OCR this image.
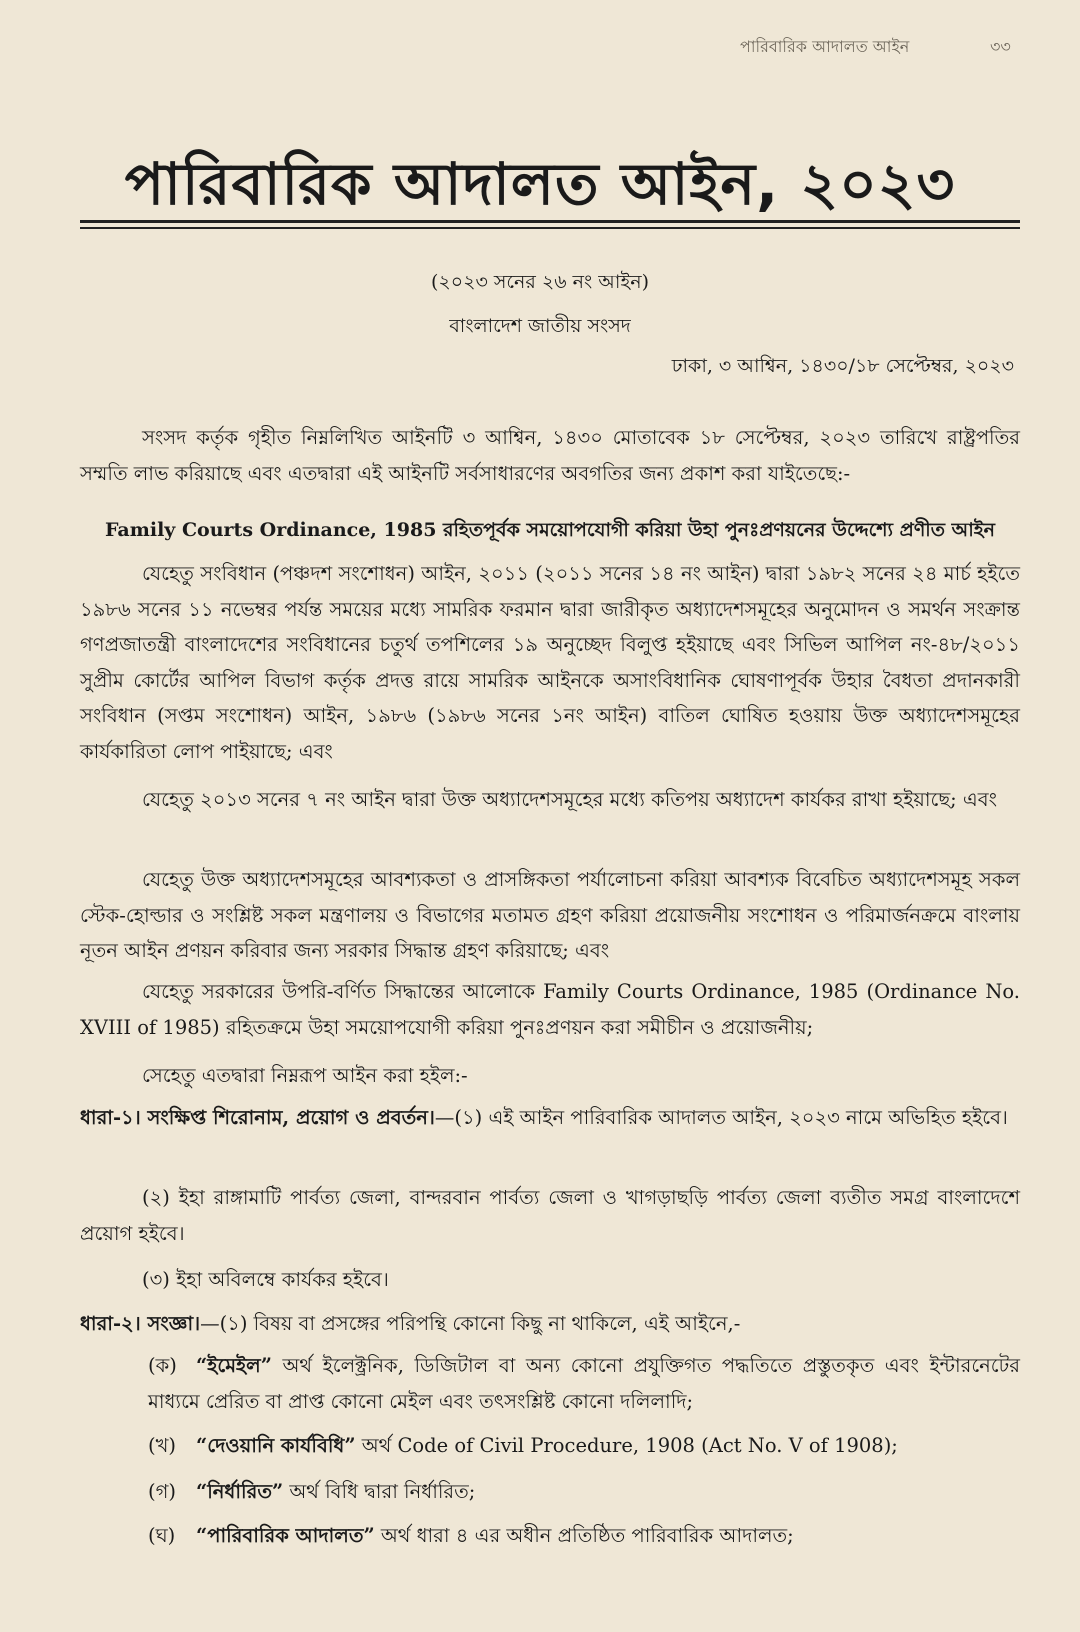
পারিবারিক আদালত আইন	৩৩
পারিবারিক আদালত আইন, ২০২৩
(২০২৩ সনের ২৬ নং আইন)
বাংলাদেশ জাতীয় সংসদ
ঢাকা, ৩ আশ্বিন, ১৪৩০/১৮ সেপ্টেম্বর, ২০২৩
সংসদ কর্তৃক গৃহীত নিম্নলিখিত আইনটি ৩ আশ্বিন, ১৪৩০ মোতাবেক ১৮ সেপ্টেম্বর, ২০২৩ তারিখে রাষ্ট্রপতির সম্মতি লাভ করিয়াছে এবং এতদ্বারা এই আইনটি সর্বসাধারণের অবগতির জন্য প্রকাশ করা যাইতেছে:-
Family Courts Ordinance, 1985 রহিতপূর্বক সময়োপযোগী করিয়া উহা পুনঃপ্রণয়নের উদ্দেশ্যে প্রণীত আইন
যেহেতু সংবিধান (পঞ্চদশ সংশোধন) আইন, ২০১১ (২০১১ সনের ১৪ নং আইন) দ্বারা ১৯৮২ সনের ২৪ মার্চ হইতে ১৯৮৬ সনের ১১ নভেম্বর পর্যন্ত সময়ের মধ্যে সামরিক ফরমান দ্বারা জারীকৃত অধ্যাদেশসমূহের অনুমোদন ও সমর্থন সংক্রান্ত গণপ্রজাতন্ত্রী বাংলাদেশের সংবিধানের চতুর্থ তপশিলের ১৯ অনুচ্ছেদ বিলুপ্ত হইয়াছে এবং সিভিল আপিল নং-৪৮/২০১১ সুপ্রীম কোর্টের আপিল বিভাগ কর্তৃক প্রদত্ত রায়ে সামরিক আইনকে অসাংবিধানিক ঘোষণাপূর্বক উহার বৈধতা প্রদানকারী সংবিধান (সপ্তম সংশোধন) আইন, ১৯৮৬ (১৯৮৬ সনের ১নং আইন) বাতিল ঘোষিত হওয়ায় উক্ত অধ্যাদেশসমূহের কার্যকারিতা লোপ পাইয়াছে; এবং
যেহেতু ২০১৩ সনের ৭ নং আইন দ্বারা উক্ত অধ্যাদেশসমূহের মধ্যে কতিপয় অধ্যাদেশ কার্যকর রাখা হইয়াছে; এবং
যেহেতু উক্ত অধ্যাদেশসমূহের আবশ্যকতা ও প্রাসঙ্গিকতা পর্যালোচনা করিয়া আবশ্যক বিবেচিত অধ্যাদেশসমূহ সকল স্টেক-হোল্ডার ও সংশ্লিষ্ট সকল মন্ত্রণালয় ও বিভাগের মতামত গ্রহণ করিয়া প্রয়োজনীয় সংশোধন ও পরিমার্জনক্রমে বাংলায় নূতন আইন প্রণয়ন করিবার জন্য সরকার সিদ্ধান্ত গ্রহণ করিয়াছে; এবং
যেহেতু সরকারের উপরি-বর্ণিত সিদ্ধান্তের আলোকে Family Courts Ordinance, 1985 (Ordinance No. XVIII of 1985) রহিতক্রমে উহা সময়োপযোগী করিয়া পুনঃপ্রণয়ন করা সমীচীন ও প্রয়োজনীয়;
সেহেতু এতদ্বারা নিম্নরূপ আইন করা হইল:-
ধারা-১। সংক্ষিপ্ত শিরোনাম, প্রয়োগ ও প্রবর্তন।—(১) এই আইন পারিবারিক আদালত আইন, ২০২৩ নামে অভিহিত হইবে।
(২) ইহা রাঙ্গামাটি পার্বত্য জেলা, বান্দরবান পার্বত্য জেলা ও খাগড়াছড়ি পার্বত্য জেলা ব্যতীত সমগ্র বাংলাদেশে প্রয়োগ হইবে।
(৩) ইহা অবিলম্বে কার্যকর হইবে।
ধারা-২। সংজ্ঞা।—(১) বিষয় বা প্রসঙ্গের পরিপন্থি কোনো কিছু না থাকিলে, এই আইনে,-
(ক) “ইমেইল” অর্থ ইলেক্ট্রনিক, ডিজিটাল বা অন্য কোনো প্রযুক্তিগত পদ্ধতিতে প্রস্তুতকৃত এবং ইন্টারনেটের মাধ্যমে প্রেরিত বা প্রাপ্ত কোনো মেইল এবং তৎসংশ্লিষ্ট কোনো দলিলাদি;
(খ) “দেওয়ানি কার্যবিধি” অর্থ Code of Civil Procedure, 1908 (Act No. V of 1908);
(গ) “নির্ধারিত” অর্থ বিধি দ্বারা নির্ধারিত;
(ঘ) “পারিবারিক আদালত” অর্থ ধারা ৪ এর অধীন প্রতিষ্ঠিত পারিবারিক আদালত;
